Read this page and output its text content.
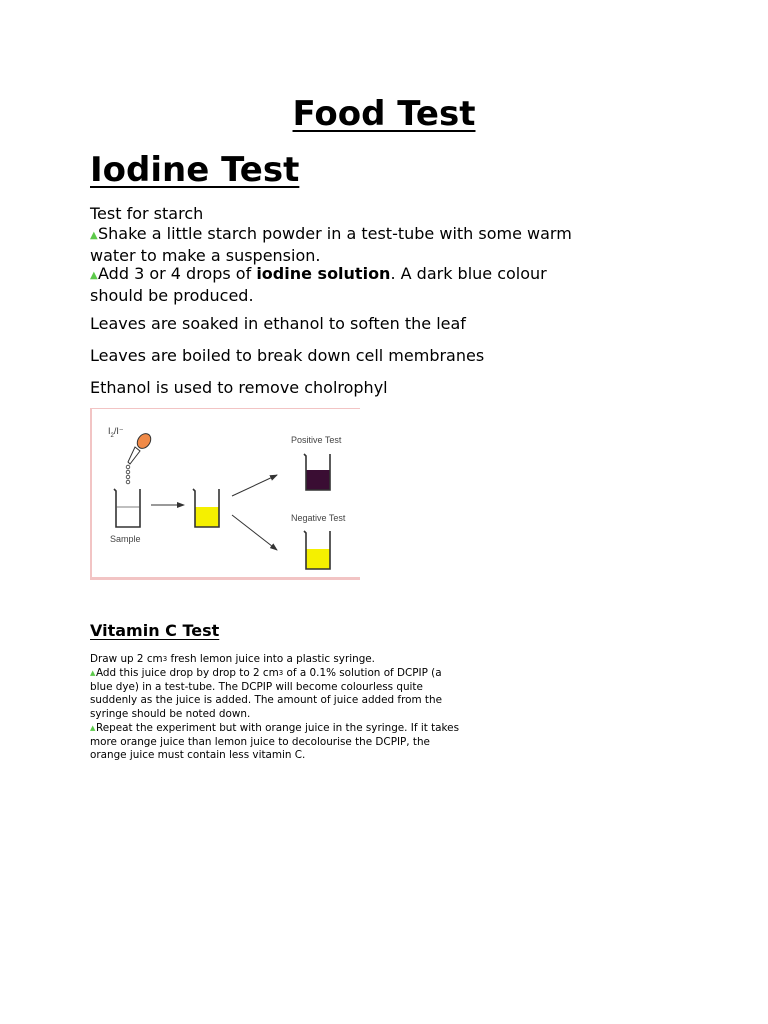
Food Test
Iodine Test
Test for starch
▲Shake a little starch powder in a test-tube with some warm water to make a suspension.
▲Add 3 or 4 drops of iodine solution. A dark blue colour should be produced.
Leaves are soaked in ethanol to soften the leaf
Leaves are boiled to break down cell membranes
Ethanol is used to remove cholrophyl
$I_2/I^-$
Sample
Positive Test
Negative Test
Vitamin C Test
Draw up 2 cm3 fresh lemon juice into a plastic syringe.
▲Add this juice drop by drop to 2 cm3 of a 0.1% solution of DCPIP (a blue dye) in a test-tube. The DCPIP will become colourless quite suddenly as the juice is added. The amount of juice added from the syringe should be noted down.
▲Repeat the experiment but with orange juice in the syringe. If it takes more orange juice than lemon juice to decolourise the DCPIP, the orange juice must contain less vitamin C.
